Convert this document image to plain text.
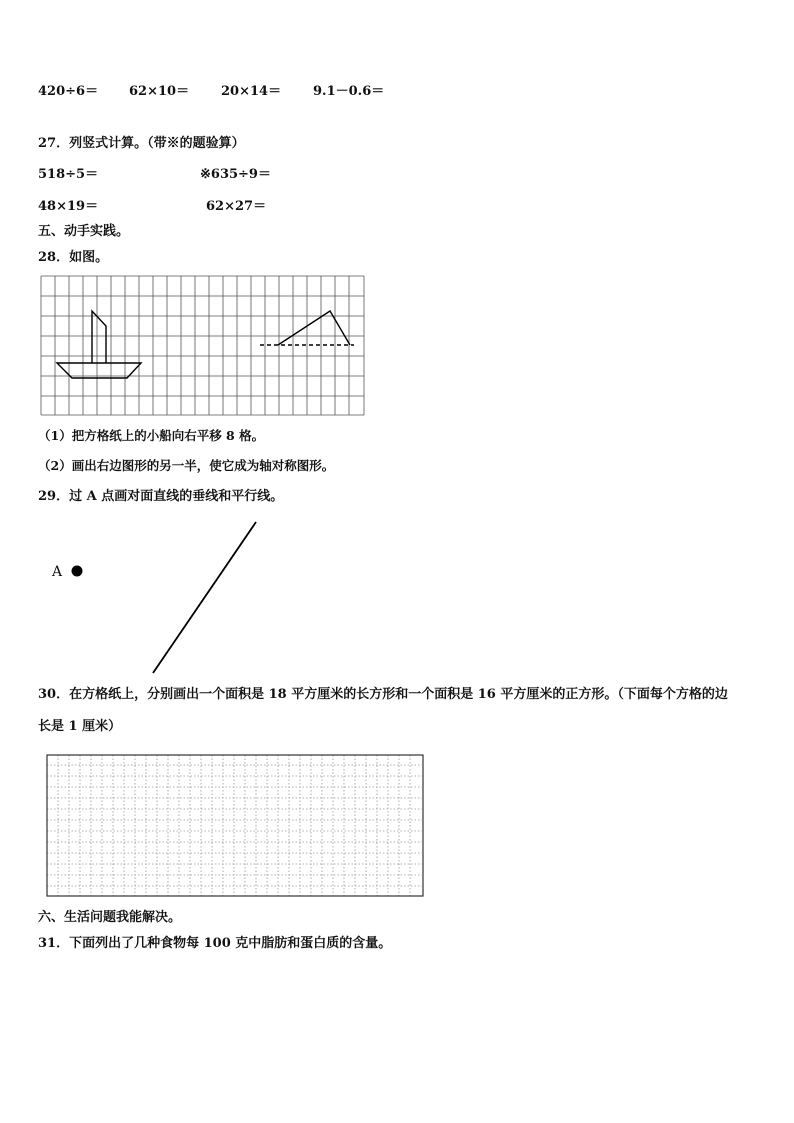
420÷6＝ 62×10＝ 20×14＝ 9.1－0.6＝
27．列竖式计算。（带※的题验算）
518÷5＝	※635÷9＝
48×19＝	62×27＝
五、动手实践。
28．如图。
（1）把方格纸上的小船向右平移 8 格。
（2）画出右边图形的另一半，使它成为轴对称图形。
29．过 A 点画对面直线的垂线和平行线。
A
30．在方格纸上，分别画出一个面积是 18 平方厘米的长方形和一个面积是 16 平方厘米的正方形。（下面每个方格的边
长是 1 厘米）
六、生活问题我能解决。
31．下面列出了几种食物每 100 克中脂肪和蛋白质的含量。
